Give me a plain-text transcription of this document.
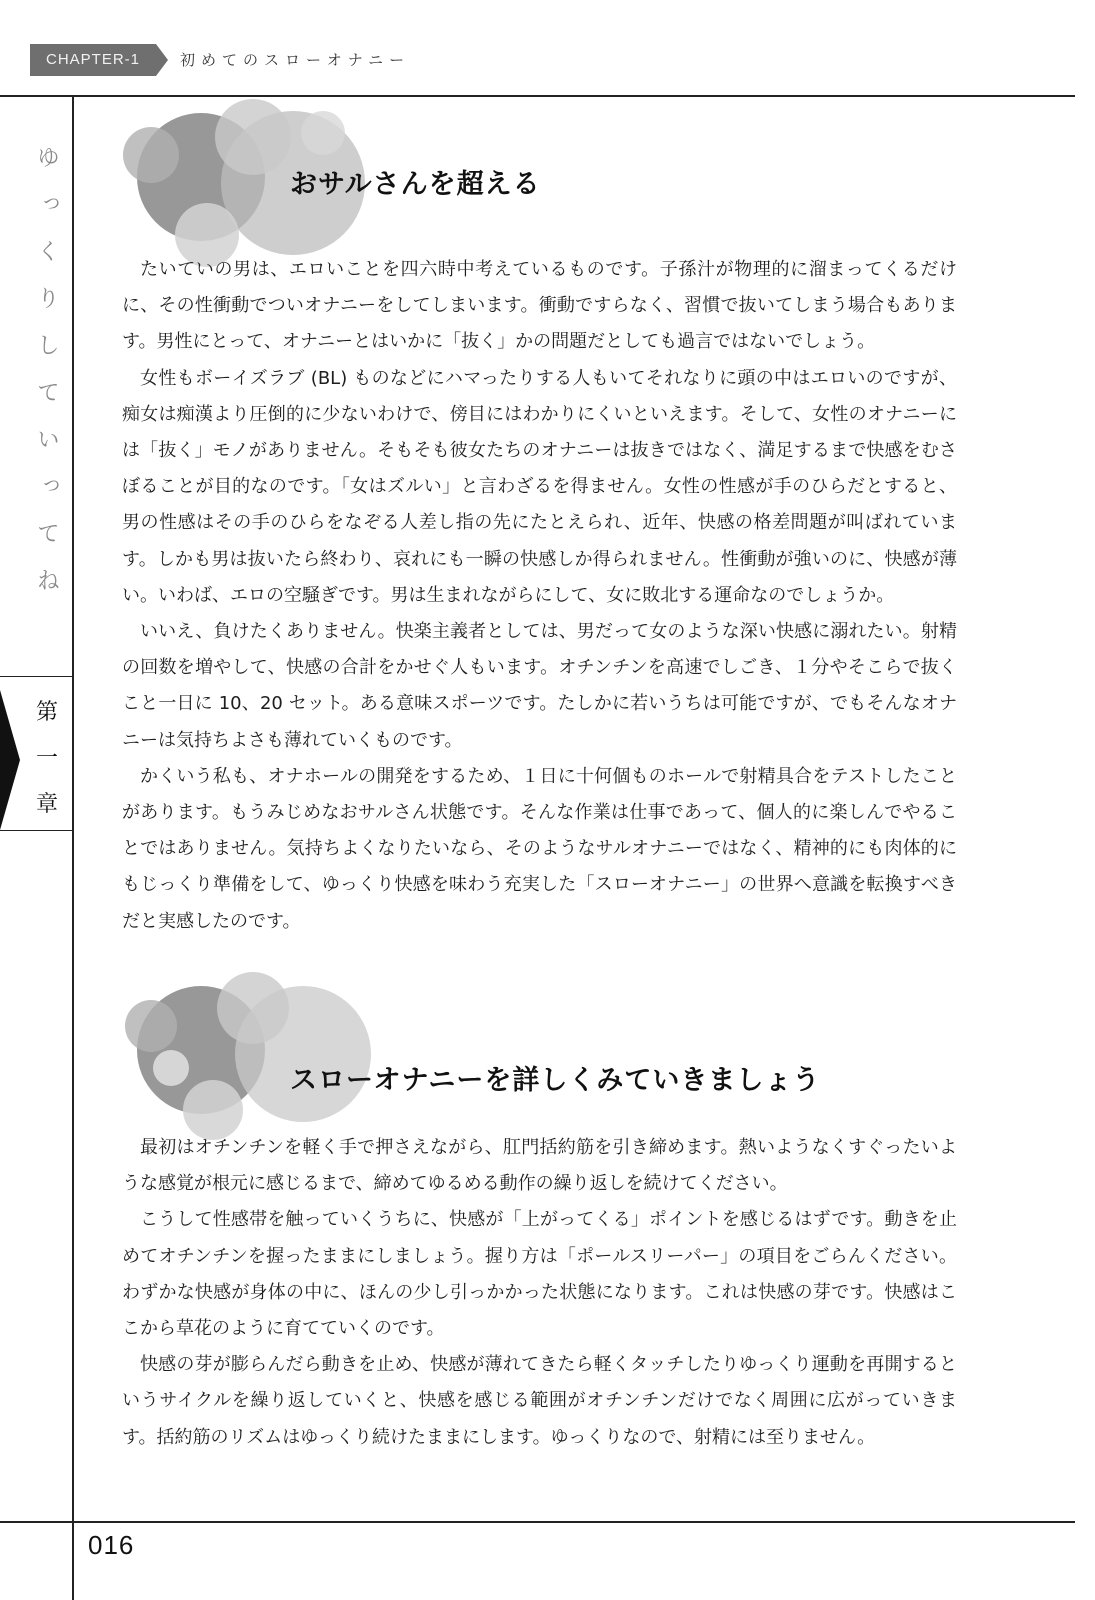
CHAPTER-1	初めてのスローオナニー
ゆっくりしていってね
第
一
章
おサルさんを超える

たいていの男は、エロいことを四六時中考えているものです。子孫汁が物理的に溜まってくるだけに、その性衝動でついオナニーをしてしまいます。衝動ですらなく、習慣で抜いてしまう場合もあります。男性にとって、オナニーとはいかに「抜く」かの問題だとしても過言ではないでしょう。

女性もボーイズラブ (BL) ものなどにハマったりする人もいてそれなりに頭の中はエロいのですが、痴女は痴漢より圧倒的に少ないわけで、傍目にはわかりにくいといえます。そして、女性のオナニーには「抜く」モノがありません。そもそも彼女たちのオナニーは抜きではなく、満足するまで快感をむさぼることが目的なのです。「女はズルい」と言わざるを得ません。女性の性感が手のひらだとすると、男の性感はその手のひらをなぞる人差し指の先にたとえられ、近年、快感の格差問題が叫ばれています。しかも男は抜いたら終わり、哀れにも一瞬の快感しか得られません。性衝動が強いのに、快感が薄い。いわば、エロの空騒ぎです。男は生まれながらにして、女に敗北する運命なのでしょうか。

いいえ、負けたくありません。快楽主義者としては、男だって女のような深い快感に溺れたい。射精の回数を増やして、快感の合計をかせぐ人もいます。オチンチンを高速でしごき、１分やそこらで抜くこと一日に 10、20 セット。ある意味スポーツです。たしかに若いうちは可能ですが、でもそんなオナニーは気持ちよさも薄れていくものです。

かくいう私も、オナホールの開発をするため、１日に十何個ものホールで射精具合をテストしたことがあります。もうみじめなおサルさん状態です。そんな作業は仕事であって、個人的に楽しんでやることではありません。気持ちよくなりたいなら、そのようなサルオナニーではなく、精神的にも肉体的にもじっくり準備をして、ゆっくり快感を味わう充実した「スローオナニー」の世界へ意識を転換すべきだと実感したのです。

スローオナニーを詳しくみていきましょう

最初はオチンチンを軽く手で押さえながら、肛門括約筋を引き締めます。熱いようなくすぐったいような感覚が根元に感じるまで、締めてゆるめる動作の繰り返しを続けてください。

こうして性感帯を触っていくうちに、快感が「上がってくる」ポイントを感じるはずです。動きを止めてオチンチンを握ったままにしましょう。握り方は「ポールスリーパー」の項目をごらんください。わずかな快感が身体の中に、ほんの少し引っかかった状態になります。これは快感の芽です。快感はここから草花のように育てていくのです。

快感の芽が膨らんだら動きを止め、快感が薄れてきたら軽くタッチしたりゆっくり運動を再開するというサイクルを繰り返していくと、快感を感じる範囲がオチンチンだけでなく周囲に広がっていきます。括約筋のリズムはゆっくり続けたままにします。ゆっくりなので、射精には至りません。

016
